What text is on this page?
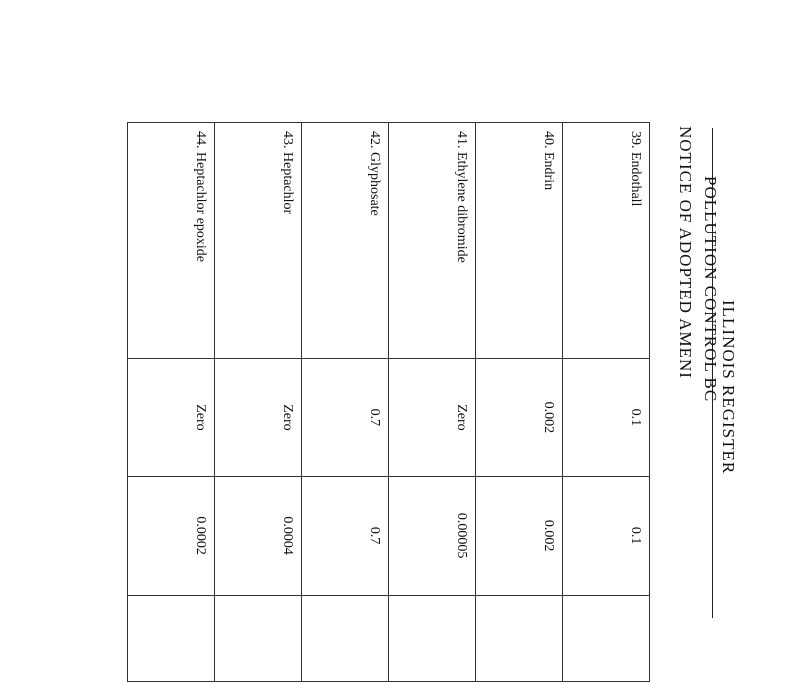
ILLINOIS REGISTER
POLLUTION CONTROL BC
NOTICE OF ADOPTED AMENI
39. Endothall	0.1	0.1	
40. Endrin	0.002	0.002	
41. Ethylene dibromide	Zero	0.00005	
42. Glyphosate	0.7	0.7	
43. Heptachlor	Zero	0.0004	
44. Heptachlor epoxide	Zero	0.0002	
